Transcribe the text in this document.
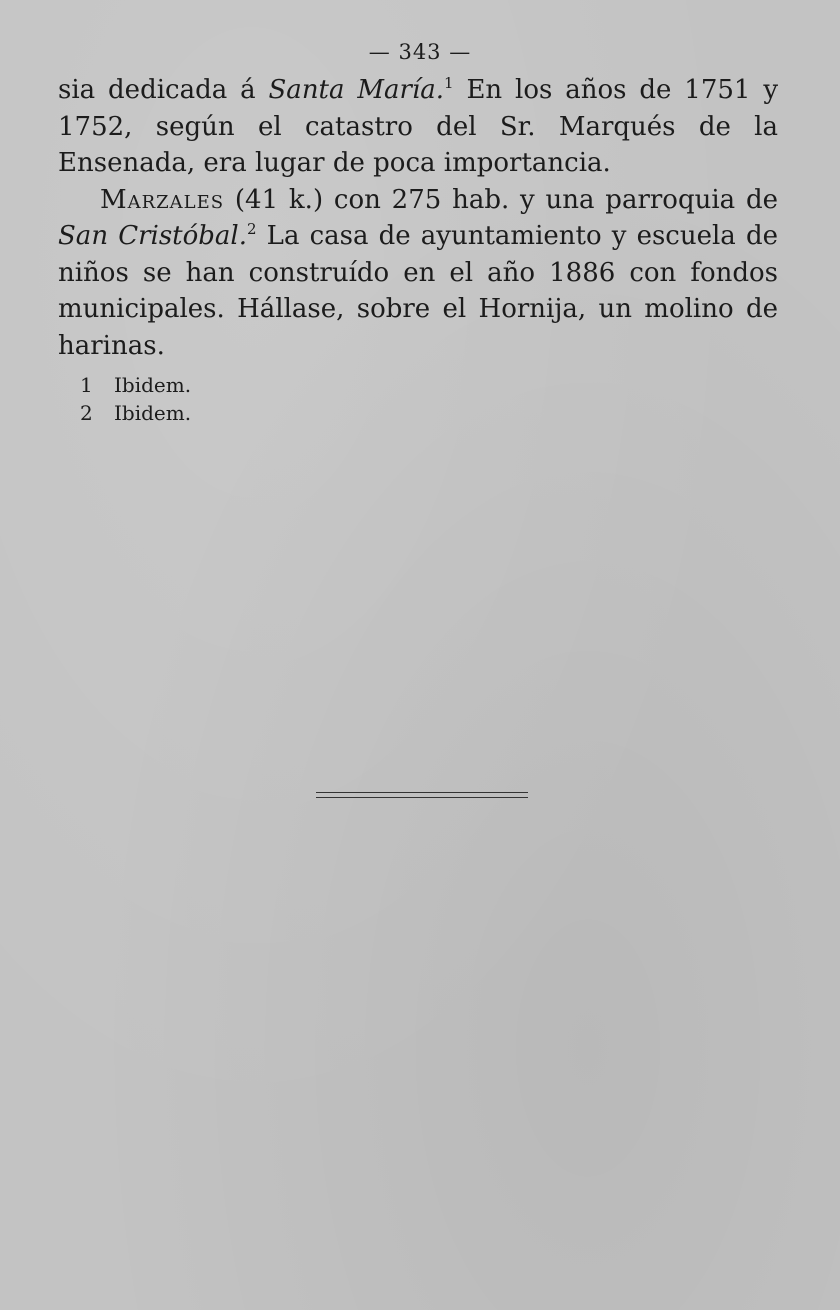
— 343 —

sia dedicada á Santa María.$^1$ En los años de 1751 y 1752, según el catastro del Sr. Marqués de la Ensenada, era lugar de poca importancia.

Marzales (41 k.) con 275 hab. y una parroquia de San Cristóbal.$^2$ La casa de ayuntamiento y escuela de niños se han construído en el año 1886 con fondos municipales. Hállase, sobre el Hornija, un molino de harinas.

1 Ibidem.
2 Ibidem.
